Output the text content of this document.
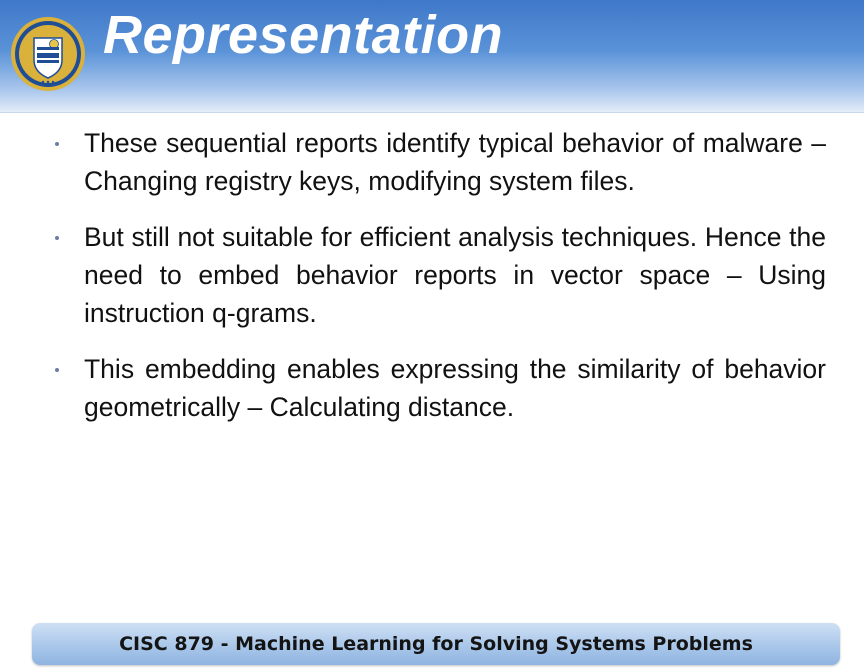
Representation
These sequential reports identify typical behavior of malware – Changing registry keys, modifying system files.
But still not suitable for efficient analysis techniques. Hence the need to embed behavior reports in vector space – Using instruction q-grams.
This embedding enables expressing the similarity of behavior geometrically – Calculating distance.
CISC 879 - Machine Learning for Solving Systems Problems
